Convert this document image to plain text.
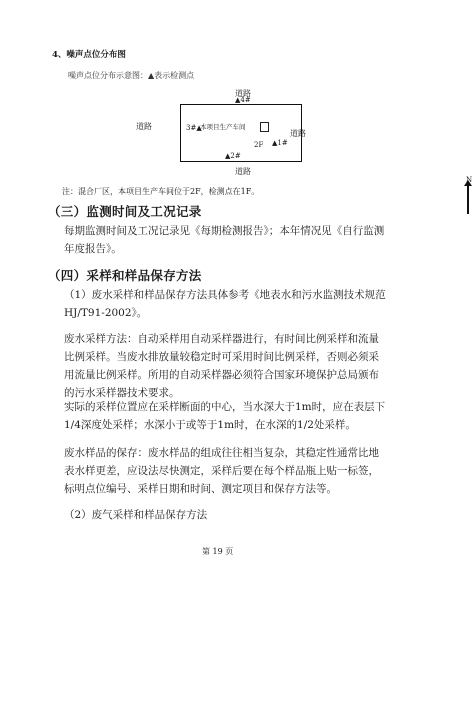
4、噪声点位分布图
噪声点位分布示意图：▲表示检测点
道路
道路
道路
道路
▲4#
3#▲
▲1#
▲2#
本项目生产车间
2F
注：混合厂区，本项目生产车间位于2F，检测点在1F。
（三）监测时间及工况记录
每期监测时间及工况记录见《每期检测报告》；本年情况见《自行监测年度报告》。
（四）采样和样品保存方法
（1）废水采样和样品保存方法具体参考《地表水和污水监测技术规范HJ/T91-2002》。
废水采样方法：自动采样用自动采样器进行，有时间比例采样和流量比例采样。当废水排放量较稳定时可采用时间比例采样，否则必须采用流量比例采样。所用的自动采样器必须符合国家环境保护总局颁布的污水采样器技术要求。
实际的采样位置应在采样断面的中心，当水深大于1m时，应在表层下1/4深度处采样；水深小于或等于1m时，在水深的1/2处采样。
废水样品的保存：废水样品的组成往往相当复杂，其稳定性通常比地表水样更差，应设法尽快测定，采样后要在每个样品瓶上贴一标签，标明点位编号、采样日期和时间、测定项目和保存方法等。
（2）废气采样和样品保存方法
第 19 页
